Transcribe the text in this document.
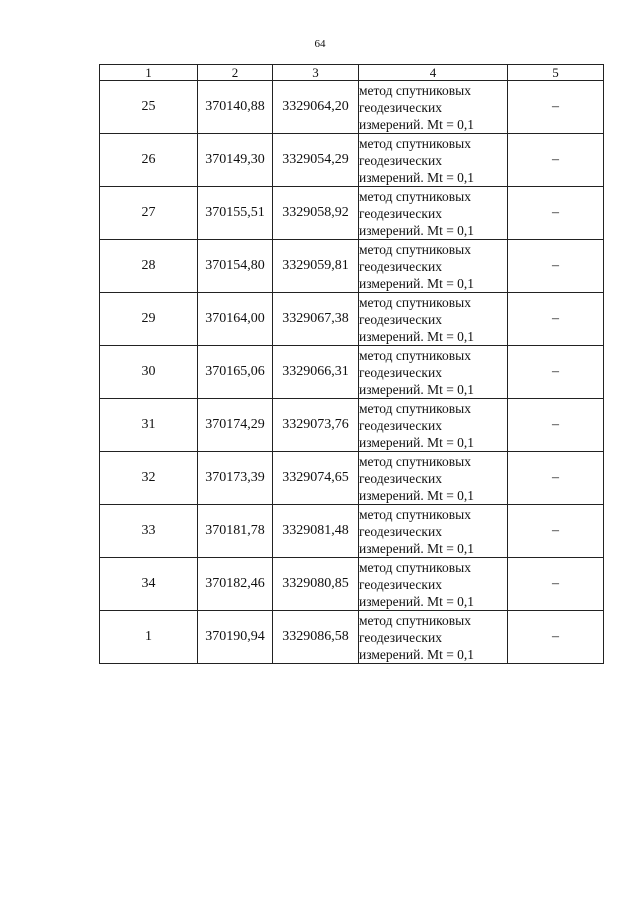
64
1	2	3	4	5
25	370140,88	3329064,20	метод спутниковых
геодезических
измерений. Mt = 0,1	–
26	370149,30	3329054,29	метод спутниковых
геодезических
измерений. Mt = 0,1	–
27	370155,51	3329058,92	метод спутниковых
геодезических
измерений. Mt = 0,1	–
28	370154,80	3329059,81	метод спутниковых
геодезических
измерений. Mt = 0,1	–
29	370164,00	3329067,38	метод спутниковых
геодезических
измерений. Mt = 0,1	–
30	370165,06	3329066,31	метод спутниковых
геодезических
измерений. Mt = 0,1	–
31	370174,29	3329073,76	метод спутниковых
геодезических
измерений. Mt = 0,1	–
32	370173,39	3329074,65	метод спутниковых
геодезических
измерений. Mt = 0,1	–
33	370181,78	3329081,48	метод спутниковых
геодезических
измерений. Mt = 0,1	–
34	370182,46	3329080,85	метод спутниковых
геодезических
измерений. Mt = 0,1	–
1	370190,94	3329086,58	метод спутниковых
геодезических
измерений. Mt = 0,1	–
